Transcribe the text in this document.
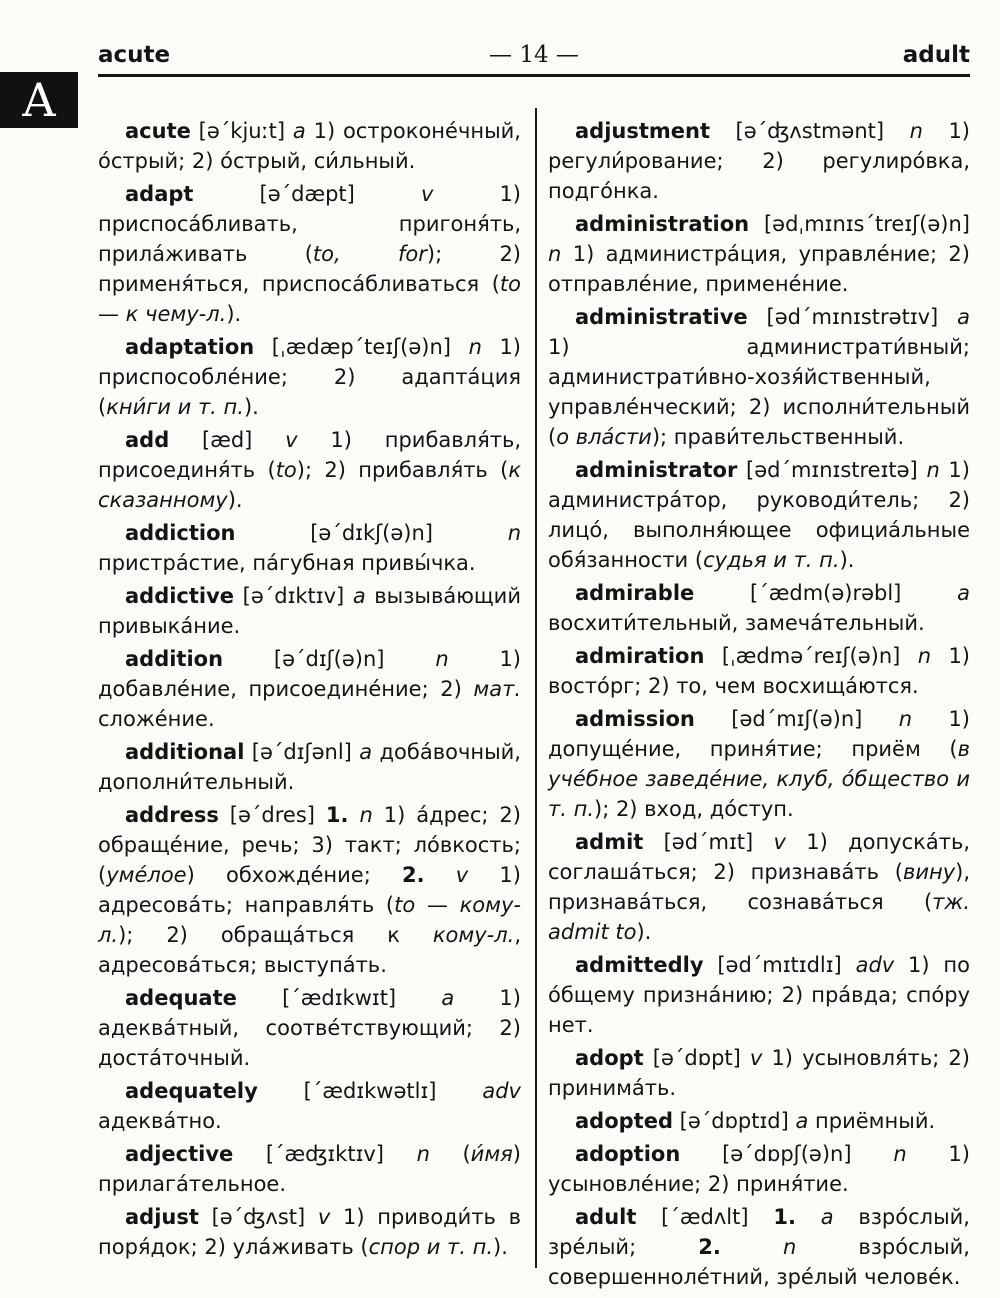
acute	— 14 —	adult
A

acute [ə΄kjuːt] a 1) остроконе́чный, о́стрый; 2) о́стрый, си́льный.

adapt [ə΄dæpt] v 1) приспоса́бливать, пригоня́ть, прила́живать (to, for); 2) применя́ться, приспоса́бливаться (to — к чему-л.).

adaptation [ˌædæp΄teɪʃ(ə)n] n 1) приспособле́ние; 2) адапта́ция (кни́ги и т. п.).

add [æd] v 1) прибавля́ть, присоединя́ть (to); 2) прибавля́ть (к сказанному).

addiction [ə΄dɪkʃ(ə)n] n пристра́стие, па́губная привы́чка.

addictive [ə΄dɪktɪv] a вызыва́ющий привыка́ние.

addition [ə΄dɪʃ(ə)n] n 1) добавле́ние, присоедине́ние; 2) мат. сложе́ние.

additional [ə΄dɪʃənl] a доба́вочный, дополни́тельный.

address [ə΄dres] 1. n 1) а́дрес; 2) обраще́ние, речь; 3) такт; ло́вкость; (уме́лое) обхожде́ние; 2. v 1) адресова́ть; направля́ть (to — кому-л.); 2) обраща́ться к кому-л., адресова́ться; выступа́ть.

adequate [΄ædɪkwɪt] a 1) адеква́тный, соотве́тствующий; 2) доста́точный.

adequately [΄ædɪkwətlɪ] adv адеква́тно.

adjective [΄æʤɪktɪv] n (и́мя) прилага́тельное.

adjust [ə΄ʤʌst] v 1) приводи́ть в поря́док; 2) ула́живать (спор и т. п.).

adjustment [ə΄ʤʌstmənt] n 1) регули́рование; 2) регулиро́вка, подго́нка.

administration [ədˌmɪnɪs΄treɪʃ(ə)n] n 1) администра́ция, управле́ние; 2) отправле́ние, примене́ние.

administrative [əd΄mɪnɪstrətɪv] a 1) администрати́вный; администрати́вно-хозя́йственный, управле́нческий; 2) исполни́тельный (о вла́сти); прави́тельственный.

administrator [əd΄mɪnɪstreɪtə] n 1) администра́тор, руководи́тель; 2) лицо́, выполня́ющее официа́льные обя́занности (судья и т. п.).

admirable [΄ædm(ə)rəbl] a восхити́тельный, замеча́тельный.

admiration [ˌædmə΄reɪʃ(ə)n] n 1) восто́рг; 2) то, чем восхища́ются.

admission [əd΄mɪʃ(ə)n] n 1) допуще́ние, приня́тие; приём (в уче́бное заведе́ние, клуб, о́бщество и т. п.); 2) вход, до́ступ.

admit [əd΄mɪt] v 1) допуска́ть, соглаша́ться; 2) признава́ть (вину), признава́ться, сознава́ться (тж. admit to).

admittedly [əd΄mɪtɪdlɪ] adv 1) по о́бщему призна́нию; 2) пра́вда; спо́ру нет.

adopt [ə΄dɒpt] v 1) усыновля́ть; 2) принима́ть.

adopted [ə΄dɒptɪd] a приёмный.

adoption [ə΄dɒpʃ(ə)n] n 1) усыновле́ние; 2) приня́тие.

adult [΄ædʌlt] 1. a взро́слый, зре́лый; 2.	n взро́слый, совершенноле́тний, зре́лый челове́к.
